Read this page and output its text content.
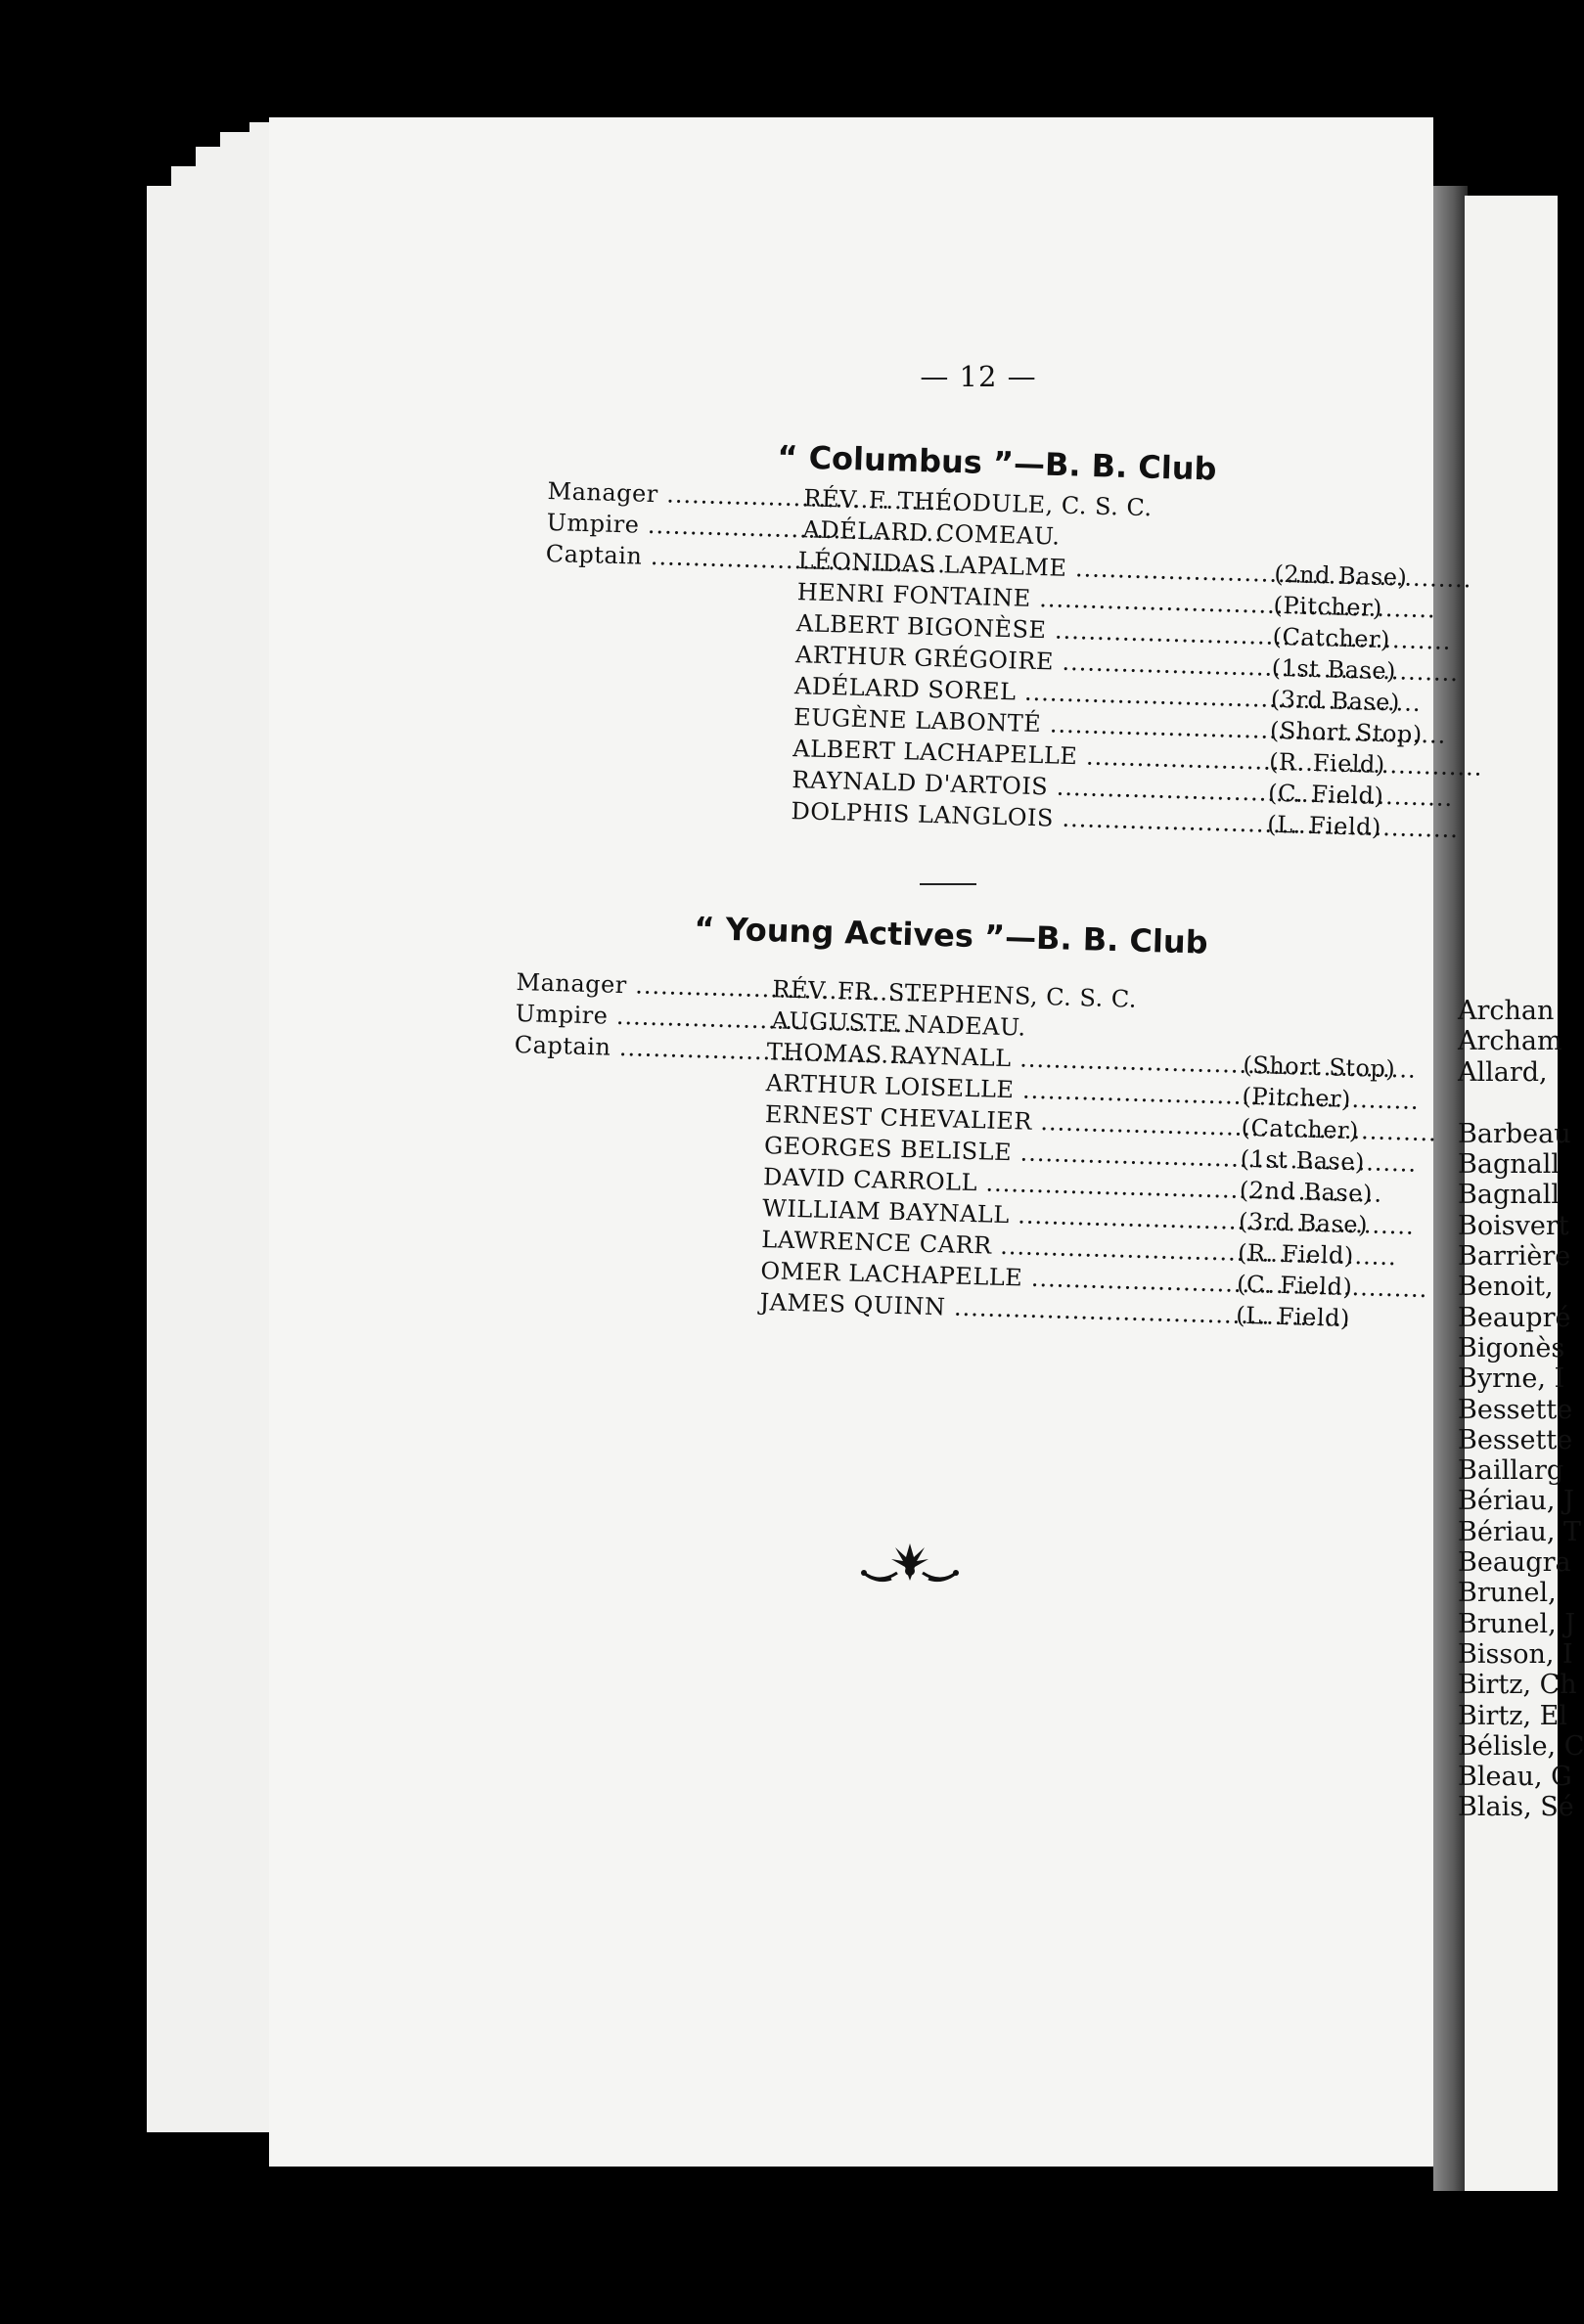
— 12 —
“ Columbus ”—B. B. Club
Manager .....	RÉV. F. THÉODULE, C. S. C.
Umpire .....	ADÉLARD COMEAU.
Captain .....	LÉONIDAS LAPALME .....	(2nd Base)
HENRI FONTAINE .....	(Pitcher)
ALBERT BIGONÈSE .....	(Catcher)
ARTHUR GRÉGOIRE .....	(1st Base)
ADÉLARD SOREL .....	(3rd Base)
EUGÈNE LABONTÉ .....	(Short Stop)
ALBERT LACHAPELLE .....	(R. Field)
RAYNALD D'ARTOIS .....	(C. Field)
DOLPHIS LANGLOIS .....	(L. Field)
“ Young Actives ”—B. B. Club
Manager .....	RÉV. FR. STEPHENS, C. S. C.
Umpire .....	AUGUSTE NADEAU.
Captain .....	THOMAS RAYNALL .....	(Short Stop)
ARTHUR LOISELLE .....	(Pitcher)
ERNEST CHEVALIER .....	(Catcher)
GEORGES BELISLE .....	(1st Base)
DAVID CARROLL .....	(2nd Base)
WILLIAM BAYNALL .....	(3rd Base)
LAWRENCE CARR .....	(R. Field)
OMER LACHAPELLE .....	(C. Field)
JAMES QUINN .....	(L. Field)
Archan
Archam
Allard,
Barbeau
Bagnall
Bagnall
Boisvert
Barrière
Benoit,
Beaupré
Bigonès
Byrne, I
Bessette
Bessette
Baillarg
Bériau, J
Bériau, T
Beaugra
Brunel,
Brunel, J
Bisson, I
Birtz, Ch
Birtz, El
Bélisle, C
Bleau, G
Blais, Sé
